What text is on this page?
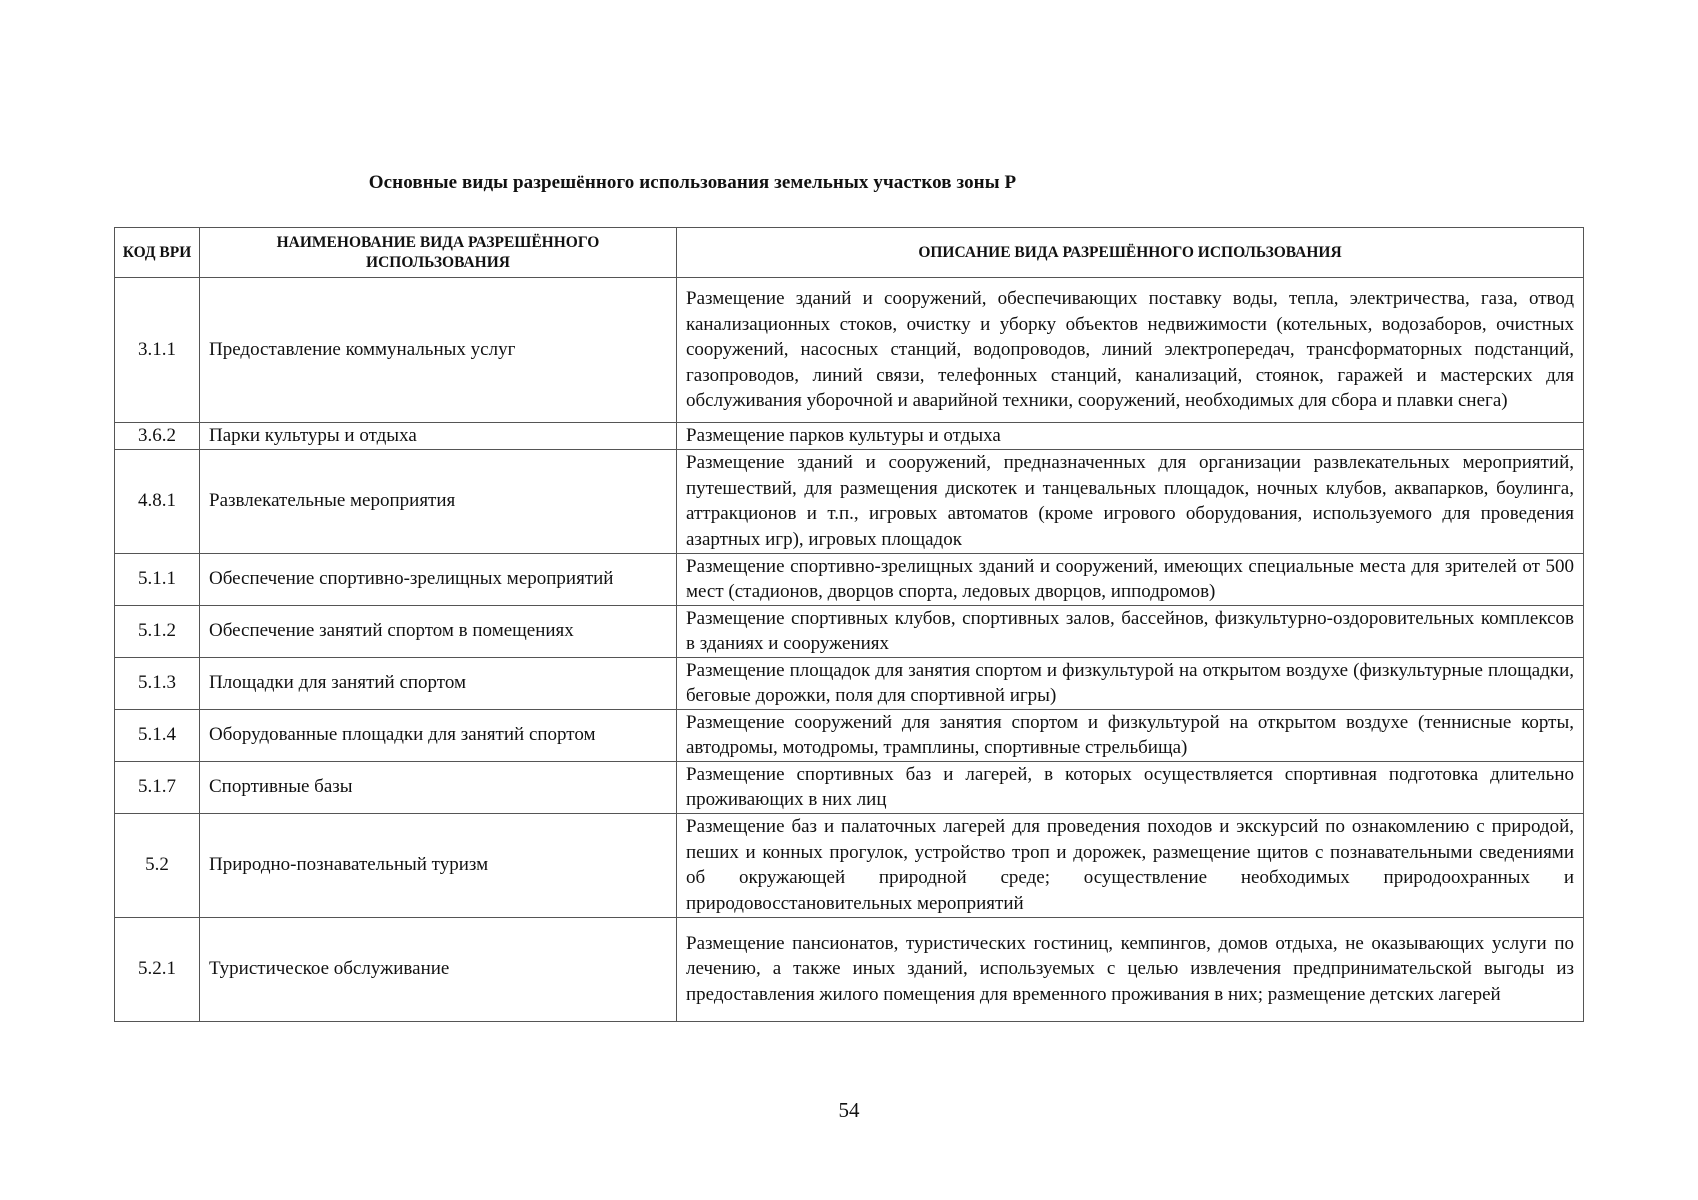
Основные виды разрешённого использования земельных участков зоны Р
КОД ВРИ	НАИМЕНОВАНИЕ ВИДА РАЗРЕШЁННОГО ИСПОЛЬЗОВАНИЯ	ОПИСАНИЕ ВИДА РАЗРЕШЁННОГО ИСПОЛЬЗОВАНИЯ
3.1.1	Предоставление коммунальных услуг	Размещение зданий и сооружений, обеспечивающих поставку воды, тепла, электричества, газа, отвод канализационных стоков, очистку и уборку объектов недвижимости (котельных, водозаборов, очистных сооружений, насосных станций, водопроводов, линий электропередач, трансформаторных подстанций, газопроводов, линий связи, телефонных станций, канализаций, стоянок, гаражей и мастерских для обслуживания уборочной и аварийной техники, сооружений, необходимых для сбора и плавки снега)
3.6.2	Парки культуры и отдыха	Размещение парков культуры и отдыха
4.8.1	Развлекательные мероприятия	Размещение зданий и сооружений, предназначенных для организации развлекательных мероприятий, путешествий, для размещения дискотек и танцевальных площадок, ночных клубов, аквапарков, боулинга, аттракционов и т.п., игровых автоматов (кроме игрового оборудования, используемого для проведения азартных игр), игровых площадок
5.1.1	Обеспечение спортивно-зрелищных мероприятий	Размещение спортивно-зрелищных зданий и сооружений, имеющих специальные места для зрителей от 500 мест (стадионов, дворцов спорта, ледовых дворцов, ипподромов)
5.1.2	Обеспечение занятий спортом в помещениях	Размещение спортивных клубов, спортивных залов, бассейнов, физкультурно-оздоровительных комплексов в зданиях и сооружениях
5.1.3	Площадки для занятий спортом	Размещение площадок для занятия спортом и физкультурой на открытом воздухе (физкультурные площадки, беговые дорожки, поля для спортивной игры)
5.1.4	Оборудованные площадки для занятий спортом	Размещение сооружений для занятия спортом и физкультурой на открытом воздухе (теннисные корты, автодромы, мотодромы, трамплины, спортивные стрельбища)
5.1.7	Спортивные базы	Размещение спортивных баз и лагерей, в которых осуществляется спортивная подготовка длительно проживающих в них лиц
5.2	Природно-познавательный туризм	Размещение баз и палаточных лагерей для проведения походов и экскурсий по ознакомлению с природой, пеших и конных прогулок, устройство троп и дорожек, размещение щитов с познавательными сведениями об окружающей природной среде; осуществление необходимых природоохранных и природовосстановительных мероприятий
5.2.1	Туристическое обслуживание	Размещение пансионатов, туристических гостиниц, кемпингов, домов отдыха, не оказывающих услуги по лечению, а также иных зданий, используемых с целью извлечения предпринимательской выгоды из предоставления жилого помещения для временного проживания в них; размещение детских лагерей
54
